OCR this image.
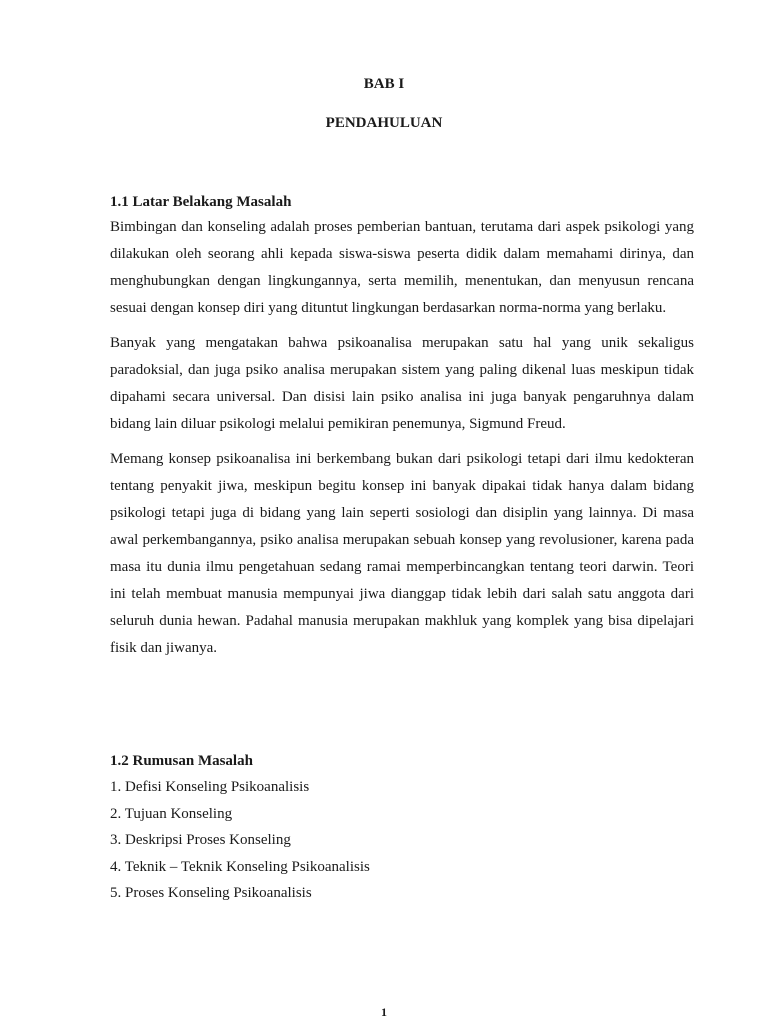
BAB I
PENDAHULUAN

1.1 Latar Belakang Masalah

Bimbingan dan konseling adalah proses pemberian bantuan, terutama dari aspek psikologi yang dilakukan oleh seorang ahli kepada siswa-siswa peserta didik dalam memahami dirinya, dan menghubungkan dengan lingkungannya, serta memilih, menentukan, dan menyusun rencana sesuai dengan konsep diri yang dituntut lingkungan berdasarkan norma-norma yang berlaku.

Banyak yang mengatakan bahwa psikoanalisa merupakan satu hal yang unik sekaligus paradoksial, dan juga psiko analisa merupakan sistem yang paling dikenal luas meskipun tidak dipahami secara universal. Dan disisi lain psiko analisa ini juga banyak pengaruhnya dalam bidang lain diluar psikologi melalui pemikiran penemunya, Sigmund Freud.

Memang konsep psikoanalisa ini berkembang bukan dari psikologi tetapi dari ilmu kedokteran tentang penyakit jiwa, meskipun begitu konsep ini banyak dipakai tidak hanya dalam bidang psikologi tetapi juga di bidang yang lain seperti sosiologi dan disiplin yang lainnya. Di masa awal perkembangannya, psiko analisa merupakan sebuah konsep yang revolusioner, karena pada masa itu dunia ilmu pengetahuan sedang ramai memperbincangkan tentang teori darwin. Teori ini telah membuat manusia mempunyai jiwa dianggap tidak lebih dari salah satu anggota dari seluruh dunia hewan. Padahal manusia merupakan makhluk yang komplek yang bisa dipelajari fisik dan jiwanya.

1.2 Rumusan Masalah

1. Defisi Konseling Psikoanalisis
2. Tujuan Konseling
3. Deskripsi Proses Konseling
4. Teknik – Teknik Konseling Psikoanalisis
5. Proses Konseling Psikoanalisis
1
